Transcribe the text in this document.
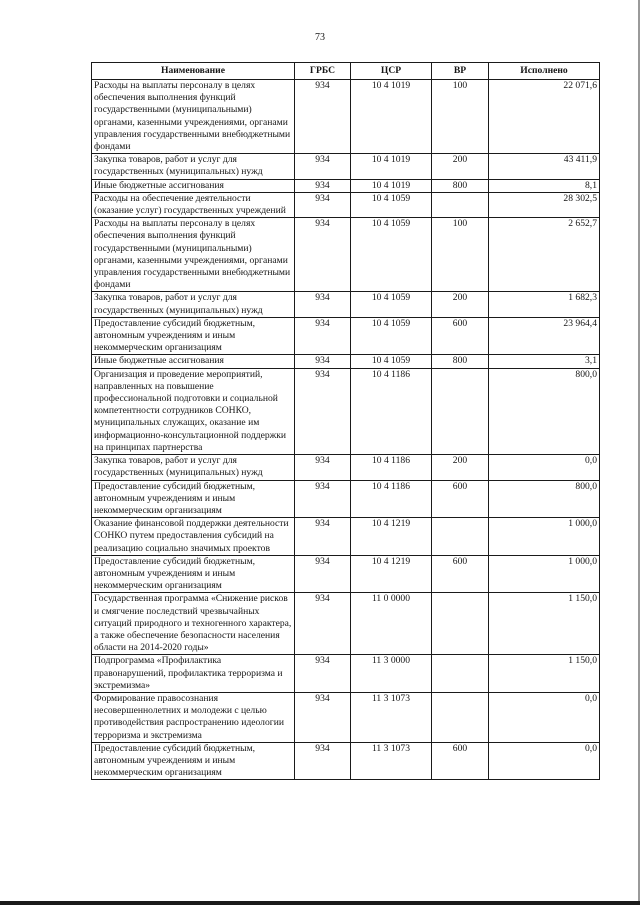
73
Наименование	ГРБС	ЦСР	ВР	Исполнено
Расходы на выплаты персоналу в целях обеспечения выполнения функций государственными (муниципальными) органами, казенными учреждениями, органами управления государственными внебюджетными фондами	934	10 4 1019	100	22 071,6
Закупка товаров, работ и услуг для государственных (муниципальных) нужд	934	10 4 1019	200	43 411,9
Иные бюджетные ассигнования	934	10 4 1019	800	8,1
Расходы на обеспечение деятельности (оказание услуг) государственных учреждений	934	10 4 1059		28 302,5
Расходы на выплаты персоналу в целях обеспечения выполнения функций государственными (муниципальными) органами, казенными учреждениями, органами управления государственными внебюджетными фондами	934	10 4 1059	100	2 652,7
Закупка товаров, работ и услуг для государственных (муниципальных) нужд	934	10 4 1059	200	1 682,3
Предоставление субсидий бюджетным, автономным учреждениям и иным некоммерческим организациям	934	10 4 1059	600	23 964,4
Иные бюджетные ассигнования	934	10 4 1059	800	3,1
Организация и проведение мероприятий, направленных на повышение профессиональной подготовки и социальной компетентности сотрудников СОНКО, муниципальных служащих, оказание им информационно-консультационной поддержки на принципах партнерства	934	10 4 1186		800,0
Закупка товаров, работ и услуг для государственных (муниципальных) нужд	934	10 4 1186	200	0,0
Предоставление субсидий бюджетным, автономным учреждениям и иным некоммерческим организациям	934	10 4 1186	600	800,0
Оказание финансовой поддержки деятельности СОНКО путем предоставления субсидий на реализацию социально значимых проектов	934	10 4 1219		1 000,0
Предоставление субсидий бюджетным, автономным учреждениям и иным некоммерческим организациям	934	10 4 1219	600	1 000,0
Государственная программа «Снижение рисков и смягчение последствий чрезвычайных ситуаций природного и техногенного характера, а также обеспечение безопасности населения области на 2014-2020 годы»	934	11 0 0000		1 150,0
Подпрограмма «Профилактика правонарушений, профилактика терроризма и экстремизма»	934	11 3 0000		1 150,0
Формирование правосознания несовершеннолетних и молодежи с целью противодействия распространению идеологии терроризма и экстремизма	934	11 3 1073		0,0
Предоставление субсидий бюджетным, автономным учреждениям и иным некоммерческим организациям	934	11 3 1073	600	0,0
